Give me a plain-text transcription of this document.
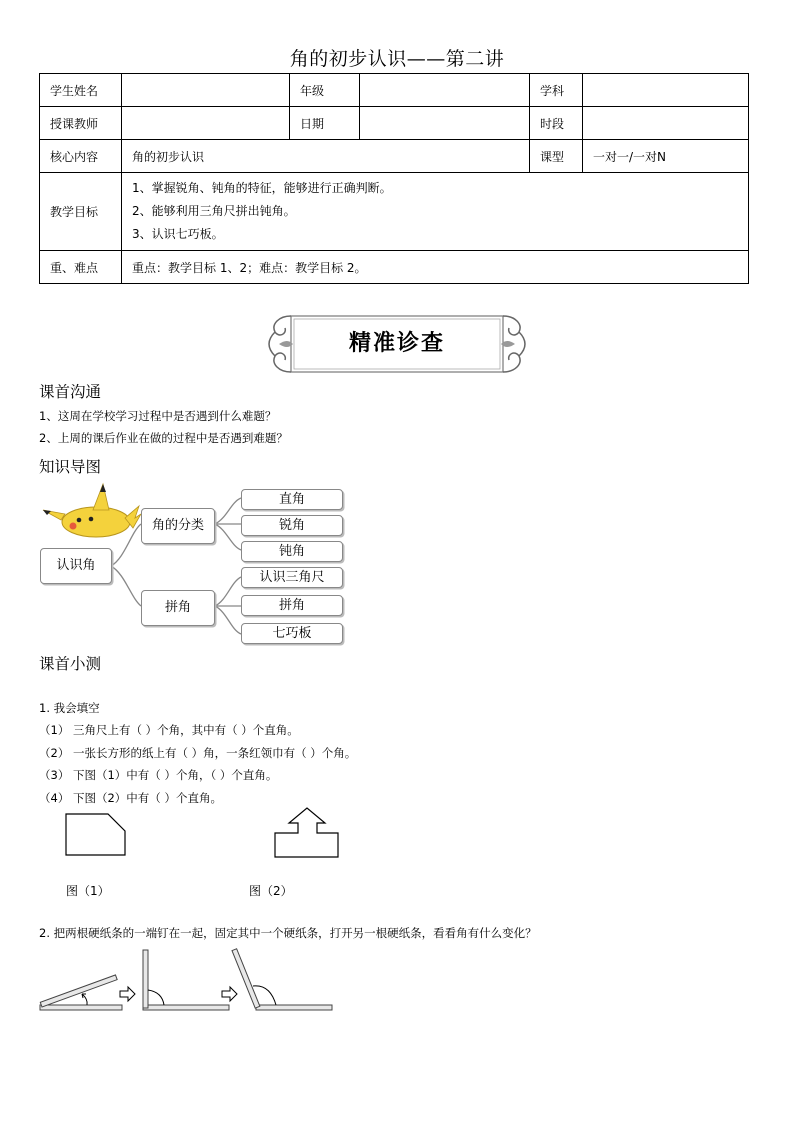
角的初步认识——第二讲
学生姓名		年级		学科	
授课教师		日期		时段	
核心内容	角的初步认识			课型	一对一/一对N
教学目标	1、掌握锐角、钝角的特征，能够进行正确判断。
2、能够利用三角尺拼出钝角。
3、认识七巧板。				

重、难点	重点：教学目标 1、2；难点：教学目标 2。				
精准诊查
课首沟通
1、这周在学校学习过程中是否遇到什么难题？
2、上周的课后作业在做的过程中是否遇到难题？
知识导图
认识角
角的分类
拼角
直角
锐角
钝角
认识三角尺
拼角
七巧板
课首小测
1. 我会填空
（1） 三角尺上有（ ）个角，其中有（ ）个直角。
（2） 一张长方形的纸上有（ ）角，一条红领巾有（ ）个角。
（3） 下图（1）中有（ ）个角，（ ）个直角。
（4） 下图（2）中有（ ）个直角。
图（1）	图（2）
2. 把两根硬纸条的一端钉在一起，固定其中一个硬纸条，打开另一根硬纸条，看看角有什么变化？
